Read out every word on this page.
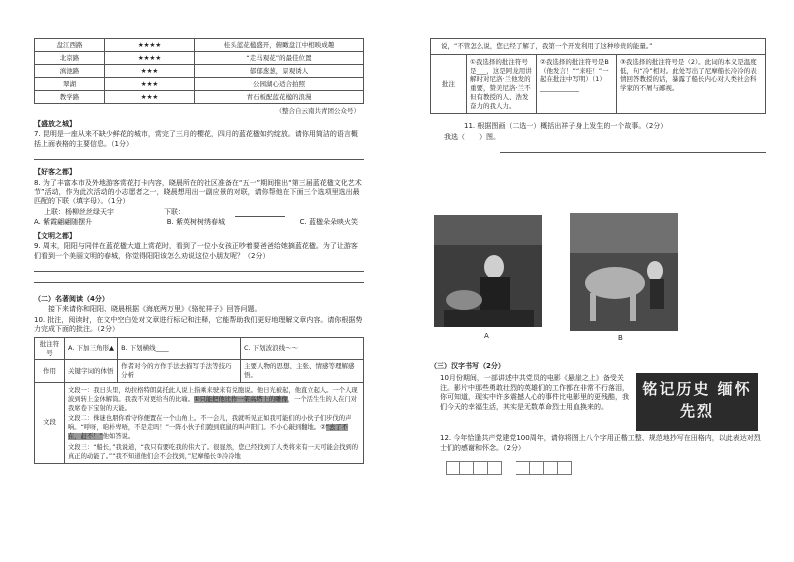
盘江西路	★★★★	桂头蓝花楹盛开，俯瞰盘江中相映成趣
北京路	★★★★	“走马观花”的最佳位置
滇池路	★★★	郁郁葱葱，景观诱人
翠湖	★★★	公园湖心适合拍照
教学路	★★★	青石板配蓝花楹的浪漫
（整合自云南共青团公众号）
【盛放之城】

7. 昆明是一座从来不缺少鲜花的城市，赏完了三月的樱花，四月的蓝花楹如约绽放。请你用简洁的语言概括上面表格的主要信息。（1分）

【好客之都】

8. 为了丰富本市及外地游客赏花打卡内容，晓晨所在的社区准备在“五一”期间推出“第三届蓝花楹文化艺术节”活动，作为此次活动的小志愿者之一，晓晨想用出一副应景的对联，请你帮他在下面三个选项里选出最匹配的下联（填字母）。（1分）

上联：杨柳丝丝绿天宇	下联：
A. 紫霞翩翩随摆升	B. 紫英树树绣春城	C. 蓝楹朵朵映火笑
【文明之都】

9. 周末，阳阳与同伴在蓝花楹大道上赏花时，看到了一位小女孩正吵着要爸爸给她摘蓝花楹。为了让游客们看到一个美丽文明的春城，你觉得阳阳该怎么劝说这位小朋友呢？（2分）

（二）名著阅读（4分）

接下来请你和阳阳、晓晨根据《海底两万里》《骆驼祥子》回答问题。

10. 批注，阅读时，在文中空白处对文章进行标记和注释，它能帮助我们更好地理解文章内容。请你根据势力完成下面的批注。（2分）

批注符号	A. 下加三角形▲	B. 下划横线____	C. 下划波浪线～～
作用	关键字词的体悟	作者对今的方作手法去描写手法等技巧分析	主要人物的思想、主张、情感等理解感悟。
文段	文段一：我日头里，幼拉格特朗莫托此人说上指乘来驶来有兑胞说。他日光被起，他直立起人。一个人现波到转上金休解筒。我我不对更给当的比喻。①只能把他比作一架高塔上的雕像，一个活生生的人在门对我席卷下宝射的天能。

文段二：侏谜也朋你看守你便置在一个山角上。不一会儿，我就听见正如我可能们的小伙子们步伐的声响。“呼呀，咱朴卑唔，不是走吗！”一阵小伙子们跑到底鼠的叫声阳门。不小心敲到翻地。②“去了不在，赶不！”他如答说。

文段三：“船长，”我说道，“我只有要吃我的伟大了。很显然，您已经找到了人类将来有一天可能会找到的真正的动能了。”“我不知道他们会不会找到，”尼摩船长③冷冷地		

说，“不管怎么说，您已经了解了，我第一个开发利用了这种珍贵的能量。”
批注	①我选择的批注符号是___，这是阿龙用讲解时对尼洛·兰他发的重要，赞美尼洛·兰不但有教授的人、浩发奋力的我人力。	②我选择的批注符号是B（他发言！”“来哇！”一起在批注中写明）（1）____________	③我选择的批注符号是（2）。此词的本义是温度低，句“冷”相对。此处写出了尼摩船长冷冷的表情回答教授的话，暴露了船长内心对人类社会科学家的不屑与鄙视。

11. 根据图画（二选一）概括出祥子身上发生的一个故事。（2分）

我选（　　）图。

A	B
（三）汉字书写（2分）

10月份期间，一部讲述中共党员的电影《悬崖之上》备受关注。影片中那些勇敢壮烈的英雄们的工作都在非常不行落泪，你可知道，现实中许多震撼人心的事件比电影里的更残酷，我们今天的幸福生活，其实是无数革命烈士用血换来的。

铭记历史 缅怀先烈

12. 今年恰逢共产党建党100周年，请你将图上八个字用正楷工整、规范地抄写在田格内，以此表达对烈士们的感谢和怀念。（2分）
